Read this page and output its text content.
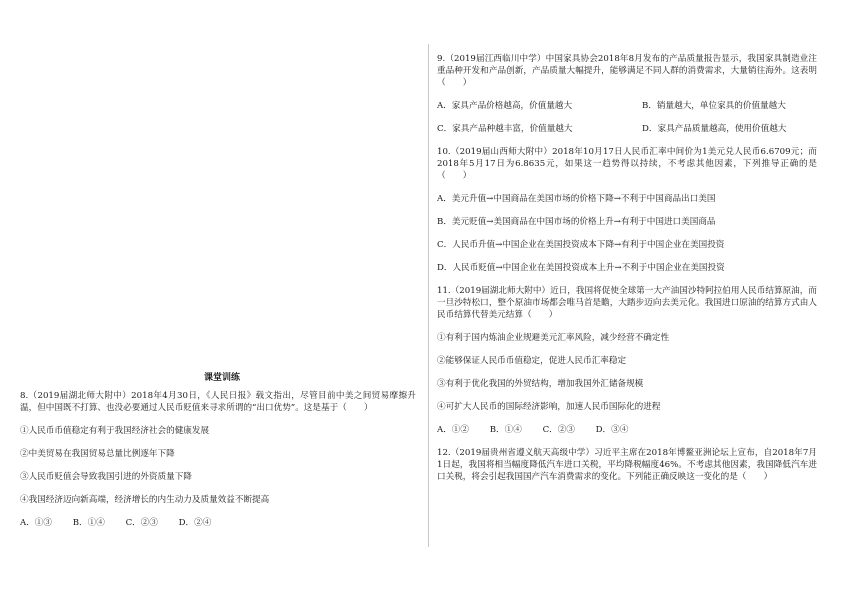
课堂训练
8.（2019届湖北师大附中）2018年4月30日，《人民日报》载文指出，尽管目前中美之间贸易摩擦升温，但中国既不打算、也没必要通过人民币贬值来寻求所谓的“出口优势”。这是基于（　　）
①人民币币值稳定有利于我国经济社会的健康发展
②中美贸易在我国贸易总量比例逐年下降
③人民币贬值会导致我国引进的外资质量下降
④我国经济迈向新高端，经济增长的内生动力及质量效益不断提高
A．①③ B．①④ C．②③ D．②④
9.（2019届江西临川中学）中国家具协会2018年8月发布的产品质量报告显示，我国家具制造业注重品种开发和产品创新，产品质量大幅提升，能够满足不同人群的消费需求，大量销往海外。这表明（　　）
A．家具产品价格越高，价值量越大	B．销量越大，单位家具的价值量越大
C．家具产品种越丰富，价值量越大	D．家具产品质量越高，使用价值越大
10.（2019届山西师大附中）2018年10月17日人民币汇率中间价为1美元兑人民币6.6709元；而2018年5月17日为6.8635元，如果这一趋势得以持续，不考虑其他因素，下列推导正确的是（　　）
A．美元升值→中国商品在美国市场的价格下降→不利于中国商品出口美国
B．美元贬值→美国商品在中国市场的价格上升→有利于中国进口美国商品
C．人民币升值→中国企业在美国投资成本下降→有利于中国企业在美国投资
D．人民币贬值→中国企业在美国投资成本上升→不利于中国企业在美国投资
11.（2019届湖北师大附中）近日，我国将促使全球第一大产油国沙特阿拉伯用人民币结算原油，而一旦沙特松口，整个原油市场都会唯马首是瞻，大踏步迈向去美元化。我国进口原油的结算方式由人民币结算代替美元结算（　　）
①有利于国内炼油企业规避美元汇率风险，减少经营不确定性
②能够保证人民币币值稳定，促进人民币汇率稳定
③有利于优化我国的外贸结构，增加我国外汇储备规模
④可扩大人民币的国际经济影响，加速人民币国际化的进程
A．①② B．①④ C．②③ D．③④
12.（2019届贵州省遵义航天高级中学）习近平主席在2018年博鳌亚洲论坛上宣布，自2018年7月1日起，我国将相当幅度降低汽车进口关税，平均降税幅度46%。不考虑其他因素，我国降低汽车进口关税，将会引起我国国产汽车消费需求的变化。下列能正确反映这一变化的是（　　）
